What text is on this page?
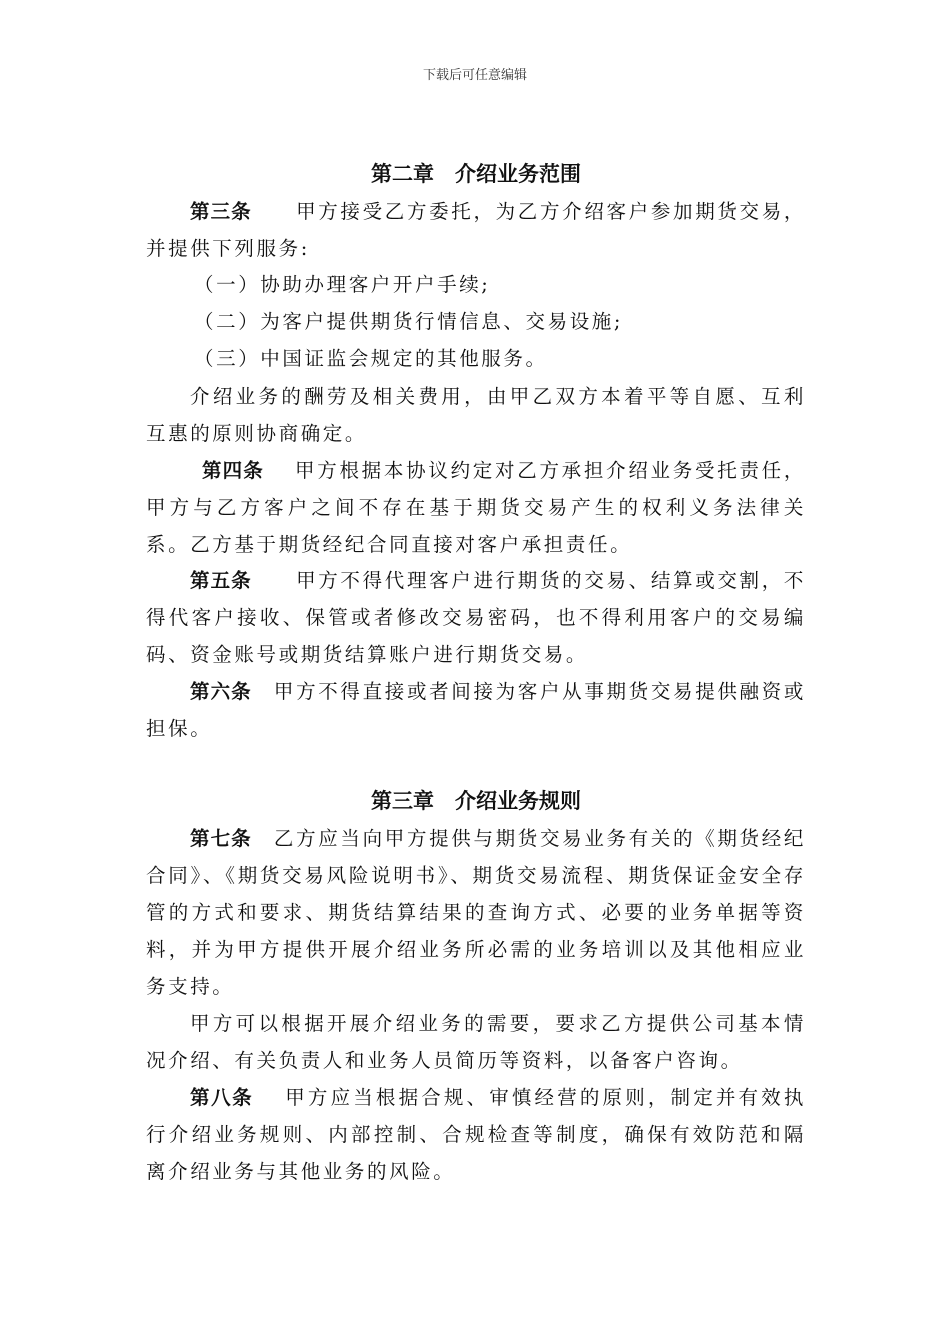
下载后可任意编辑
第二章　介绍业务范围

第三条　　甲方接受乙方委托，为乙方介绍客户参加期货交易，并提供下列服务:

（一）协助办理客户开户手续;

（二）为客户提供期货行情信息、交易设施;

（三）中国证监会规定的其他服务。

介绍业务的酬劳及相关费用，由甲乙双方本着平等自愿、互利互惠的原则协商确定。

第四条　 甲方根据本协议约定对乙方承担介绍业务受托责任，甲方与乙方客户之间不存在基于期货交易产生的权利义务法律关系。乙方基于期货经纪合同直接对客户承担责任。

第五条　　甲方不得代理客户进行期货的交易、结算或交割，不得代客户接收、保管或者修改交易密码，也不得利用客户的交易编码、资金账号或期货结算账户进行期货交易。

第六条　甲方不得直接或者间接为客户从事期货交易提供融资或担保。

第三章　介绍业务规则

第七条　乙方应当向甲方提供与期货交易业务有关的《期货经纪合同》、《期货交易风险说明书》、期货交易流程、期货保证金安全存管的方式和要求、期货结算结果的查询方式、必要的业务单据等资料，并为甲方提供开展介绍业务所必需的业务培训以及其他相应业务支持。

甲方可以根据开展介绍业务的需要，要求乙方提供公司基本情况介绍、有关负责人和业务人员简历等资料，以备客户咨询。

第八条　 甲方应当根据合规、审慎经营的原则，制定并有效执行介绍业务规则、内部控制、合规检查等制度，确保有效防范和隔离介绍业务与其他业务的风险。
